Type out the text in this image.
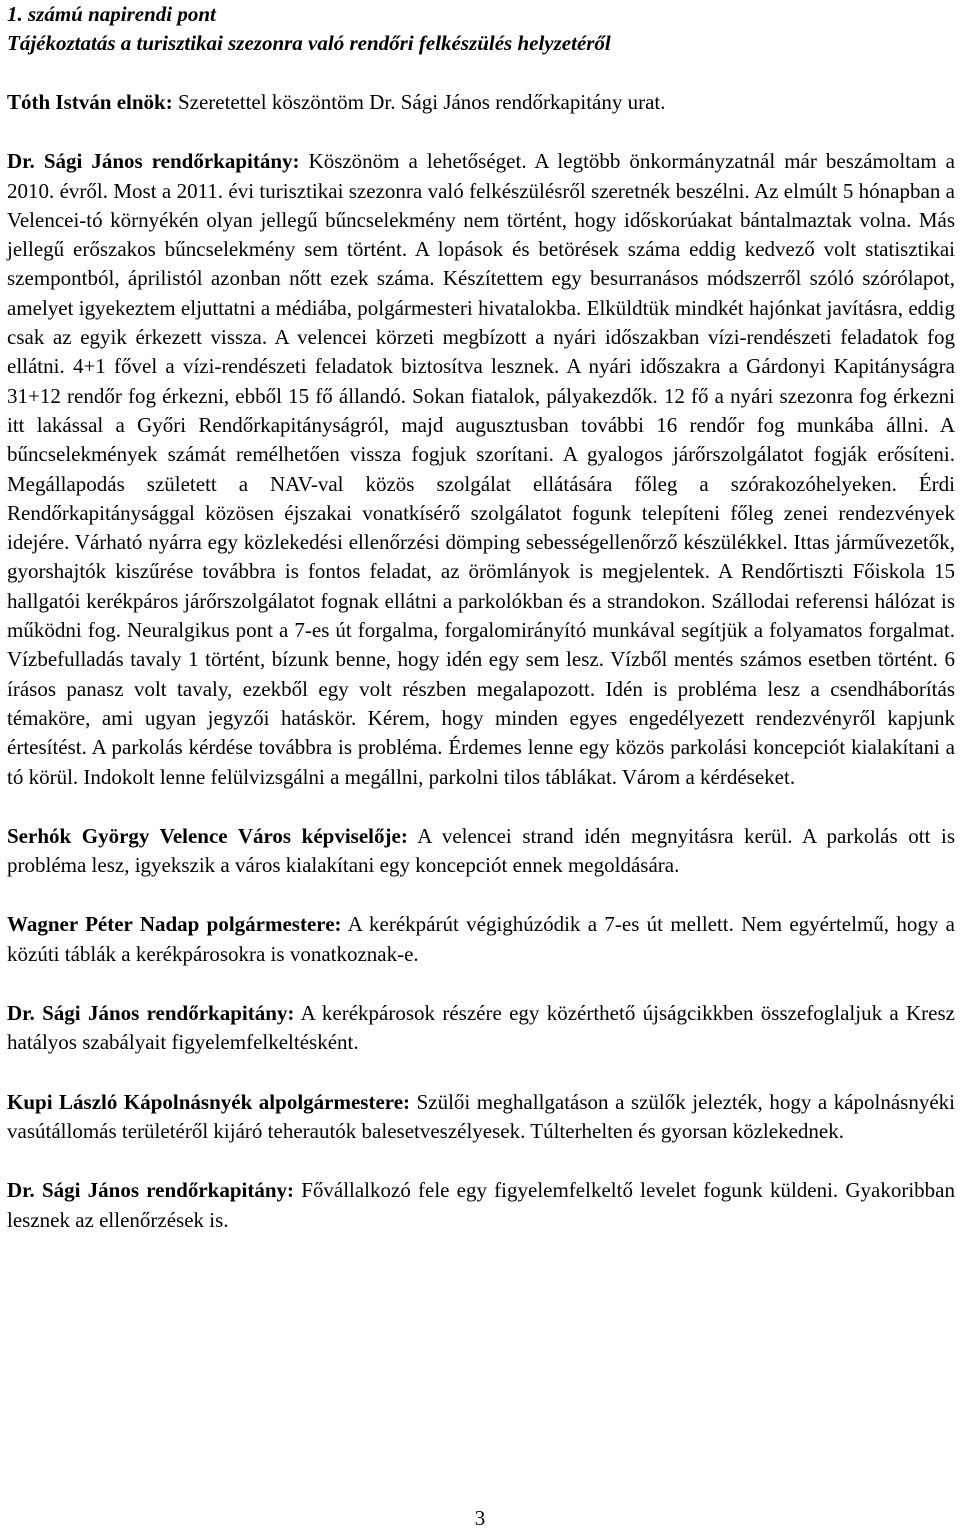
1. számú napirendi pont

Tájékoztatás a turisztikai szezonra való rendőri felkészülés helyzetéről

Tóth István elnök: Szeretettel köszöntöm Dr. Sági János rendőrkapitány urat.

Dr. Sági János rendőrkapitány: Köszönöm a lehetőséget. A legtöbb önkormányzatnál már beszámoltam a 2010. évről. Most a 2011. évi turisztikai szezonra való felkészülésről szeretnék beszélni. Az elmúlt 5 hónapban a Velencei-tó környékén olyan jellegű bűncselekmény nem történt, hogy időskorúakat bántalmaztak volna. Más jellegű erőszakos bűncselekmény sem történt. A lopások és betörések száma eddig kedvező volt statisztikai szempontból, áprilistól azonban nőtt ezek száma. Készítettem egy besurranásos módszerről szóló szórólapot, amelyet igyekeztem eljuttatni a médiába, polgármesteri hivatalokba. Elküldtük mindkét hajónkat javításra, eddig csak az egyik érkezett vissza. A velencei körzeti megbízott a nyári időszakban vízi-rendészeti feladatok fog ellátni. 4+1 fővel a vízi-rendészeti feladatok biztosítva lesznek. A nyári időszakra a Gárdonyi Kapitányságra 31+12 rendőr fog érkezni, ebből 15 fő állandó. Sokan fiatalok, pályakezdők. 12 fő a nyári szezonra fog érkezni itt lakással a Győri Rendőrkapitányságról, majd augusztusban további 16 rendőr fog munkába állni. A bűncselekmények számát remélhetően vissza fogjuk szorítani. A gyalogos járőrszolgálatot fogják erősíteni. Megállapodás született a NAV-val közös szolgálat ellátására főleg a szórakozóhelyeken. Érdi Rendőrkapitánysággal közösen éjszakai vonatkísérő szolgálatot fogunk telepíteni főleg zenei rendezvények idejére. Várható nyárra egy közlekedési ellenőrzési dömping sebességellenőrző készülékkel. Ittas járművezetők, gyorshajtók kiszűrése továbbra is fontos feladat, az örömlányok is megjelentek. A Rendőrtiszti Főiskola 15 hallgatói kerékpáros járőrszolgálatot fognak ellátni a parkolókban és a strandokon. Szállodai referensi hálózat is működni fog. Neuralgikus pont a 7-es út forgalma, forgalomirányító munkával segítjük a folyamatos forgalmat. Vízbefulladás tavaly 1 történt, bízunk benne, hogy idén egy sem lesz. Vízből mentés számos esetben történt. 6 írásos panasz volt tavaly, ezekből egy volt részben megalapozott. Idén is probléma lesz a csendháborítás témaköre, ami ugyan jegyzői hatáskör. Kérem, hogy minden egyes engedélyezett rendezvényről kapjunk értesítést. A parkolás kérdése továbbra is probléma. Érdemes lenne egy közös parkolási koncepciót kialakítani a tó körül. Indokolt lenne felülvizsgálni a megállni, parkolni tilos táblákat. Várom a kérdéseket.

Serhók György Velence Város képviselője: A velencei strand idén megnyitásra kerül. A parkolás ott is probléma lesz, igyekszik a város kialakítani egy koncepciót ennek megoldására.

Wagner Péter Nadap polgármestere: A kerékpárút végighúzódik a 7-es út mellett. Nem egyértelmű, hogy a közúti táblák a kerékpárosokra is vonatkoznak-e.

Dr. Sági János rendőrkapitány: A kerékpárosok részére egy közérthető újságcikkben összefoglaljuk a Kresz hatályos szabályait figyelemfelkeltésként.

Kupi László Kápolnásnyék alpolgármestere: Szülői meghallgatáson a szülők jelezték, hogy a kápolnásnyéki vasútállomás területéről kijáró teherautók balesetveszélyesek. Túlterhelten és gyorsan közlekednek.

Dr. Sági János rendőrkapitány: Fővállalkozó fele egy figyelemfelkeltő levelet fogunk küldeni. Gyakoribban lesznek az ellenőrzések is.

3
